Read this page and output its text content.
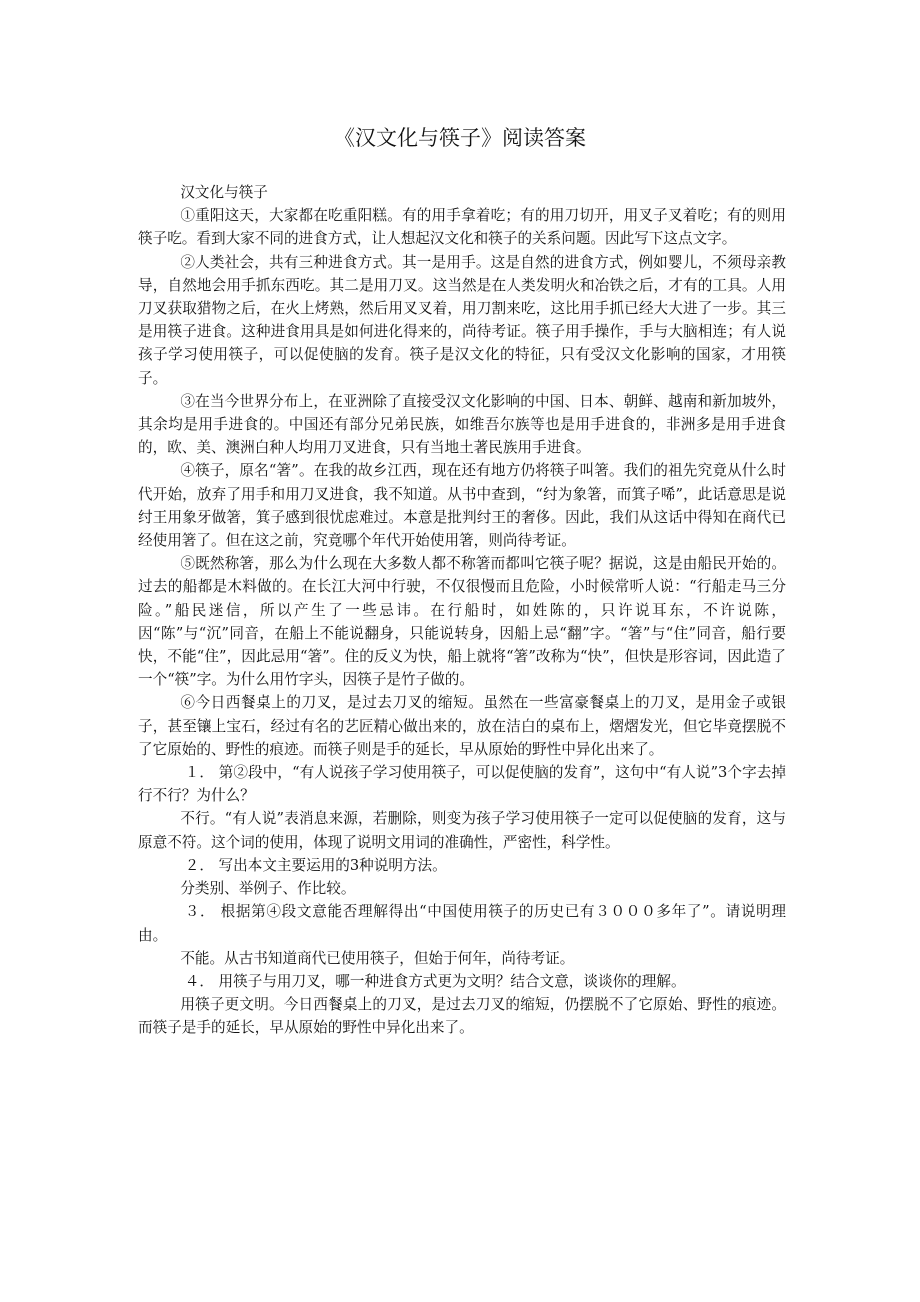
《汉文化与筷子》阅读答案

汉文化与筷子

①重阳这天，大家都在吃重阳糕。有的用手拿着吃；有的用刀切开，用叉子叉着吃；有的则用筷子吃。看到大家不同的进食方式，让人想起汉文化和筷子的关系问题。因此写下这点文字。

②人类社会，共有三种进食方式。其一是用手。这是自然的进食方式，例如婴儿，不须母亲教导，自然地会用手抓东西吃。其二是用刀叉。这当然是在人类发明火和冶铁之后，才有的工具。人用刀叉获取猎物之后，在火上烤熟，然后用叉叉着，用刀割来吃，这比用手抓已经大大进了一步。其三是用筷子进食。这种进食用具是如何进化得来的，尚待考证。筷子用手操作，手与大脑相连；有人说孩子学习使用筷子，可以促使脑的发育。筷子是汉文化的特征，只有受汉文化影响的国家，才用筷子。

③在当今世界分布上，在亚洲除了直接受汉文化影响的中国、日本、朝鲜、越南和新加坡外，其余均是用手进食的。中国还有部分兄弟民族，如维吾尔族等也是用手进食的，非洲多是用手进食的，欧、美、澳洲白种人均用刀叉进食，只有当地土著民族用手进食。

④筷子，原名“箸”。在我的故乡江西，现在还有地方仍将筷子叫箸。我们的祖先究竟从什么时代开始，放弃了用手和用刀叉进食，我不知道。从书中查到，“纣为象箸，而箕子唏”，此话意思是说纣王用象牙做箸，箕子感到很忧虑难过。本意是批判纣王的奢侈。因此，我们从这话中得知在商代已经使用箸了。但在这之前，究竟哪个年代开始使用箸，则尚待考证。

⑤既然称箸，那么为什么现在大多数人都不称箸而都叫它筷子呢？据说，这是由船民开始的。过去的船都是木料做的。在长江大河中行驶，不仅很慢而且危险，小时候常听人说：“行船走马三分险。”船民迷信，所以产生了一些忌讳。在行船时，如姓陈的，只许说耳东，不许说陈，因“陈”与“沉”同音，在船上不能说翻身，只能说转身，因船上忌“翻”字。“箸”与“住”同音，船行要快，不能“住”，因此忌用“箸”。住的反义为快，船上就将“箸”改称为“快”，但快是形容词，因此造了一个“筷”字。为什么用竹字头，因筷子是竹子做的。

⑥今日西餐桌上的刀叉，是过去刀叉的缩短。虽然在一些富豪餐桌上的刀叉，是用金子或银子，甚至镶上宝石，经过有名的艺匠精心做出来的，放在洁白的桌布上，熠熠发光，但它毕竟摆脱不了它原始的、野性的痕迹。而筷子则是手的延长，早从原始的野性中异化出来了。

１． 第②段中，“有人说孩子学习使用筷子，可以促使脑的发育”，这句中“有人说”3个字去掉行不行？为什么？

不行。“有人说”表消息来源，若删除，则变为孩子学习使用筷子一定可以促使脑的发育，这与原意不符。这个词的使用，体现了说明文用词的准确性，严密性，科学性。

２． 写出本文主要运用的3种说明方法。

分类别、举例子、作比较。

３． 根据第④段文意能否理解得出“中国使用筷子的历史已有３０００多年了”。请说明理由。

不能。从古书知道商代已使用筷子，但始于何年，尚待考证。

４． 用筷子与用刀叉，哪一种进食方式更为文明？结合文意，谈谈你的理解。

用筷子更文明。今日西餐桌上的刀叉，是过去刀叉的缩短，仍摆脱不了它原始、野性的痕迹。而筷子是手的延长，早从原始的野性中异化出来了。
